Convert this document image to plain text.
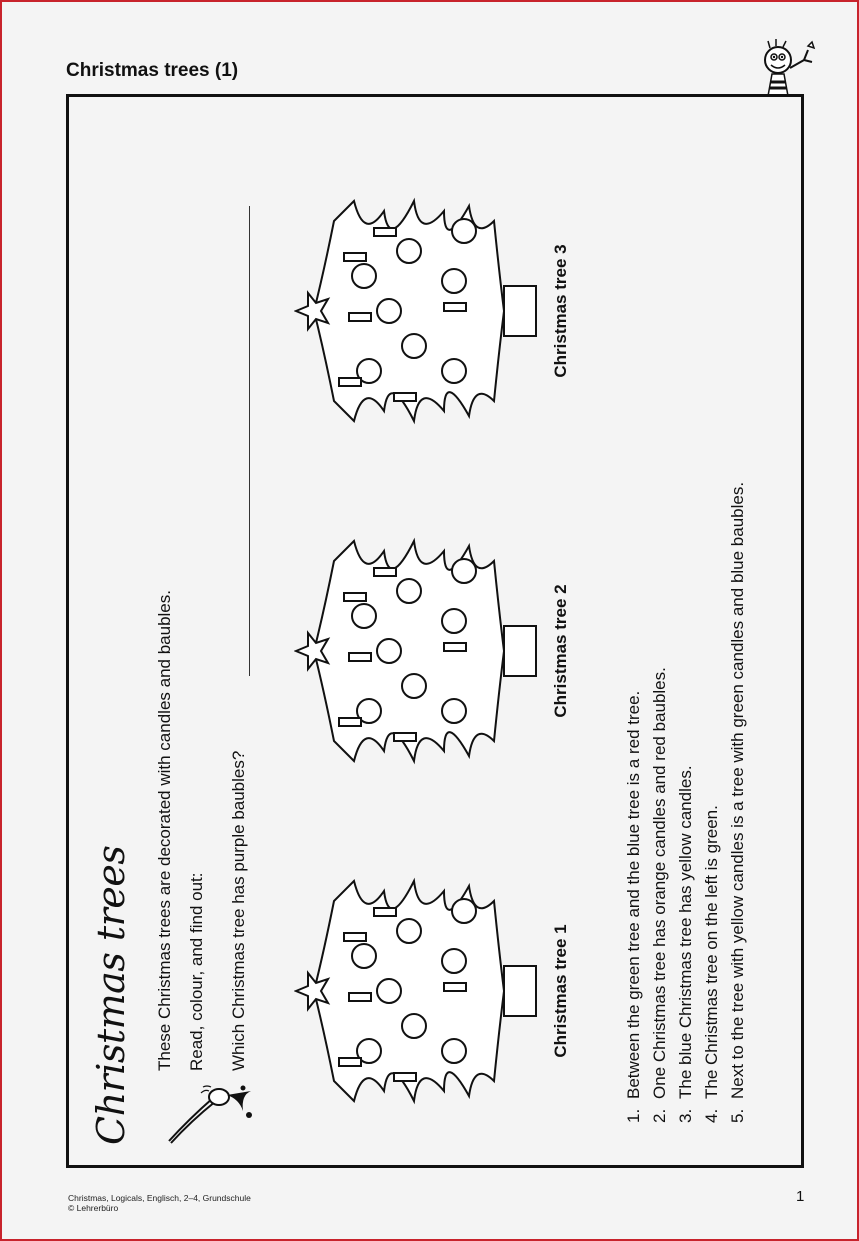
Christmas trees (1)
Christmas trees These Christmas trees are decorated with candles and baubles. Read, colour, and find out: Which Christmas tree has purple baubles?	Christmas tree 1
Christmas tree 2
Christmas tree 3
1.Between the green tree and the blue tree is a red tree.
2.One Christmas tree has orange candles and red baubles.
3.The blue Christmas tree has yellow candles.
4.The Christmas tree on the left is green.
5.Next to the tree with yellow candles is a tree with green candles and blue baubles.
Christmas, Logicals, Englisch, 2–4, Grundschule
© Lehrerbüro
1
